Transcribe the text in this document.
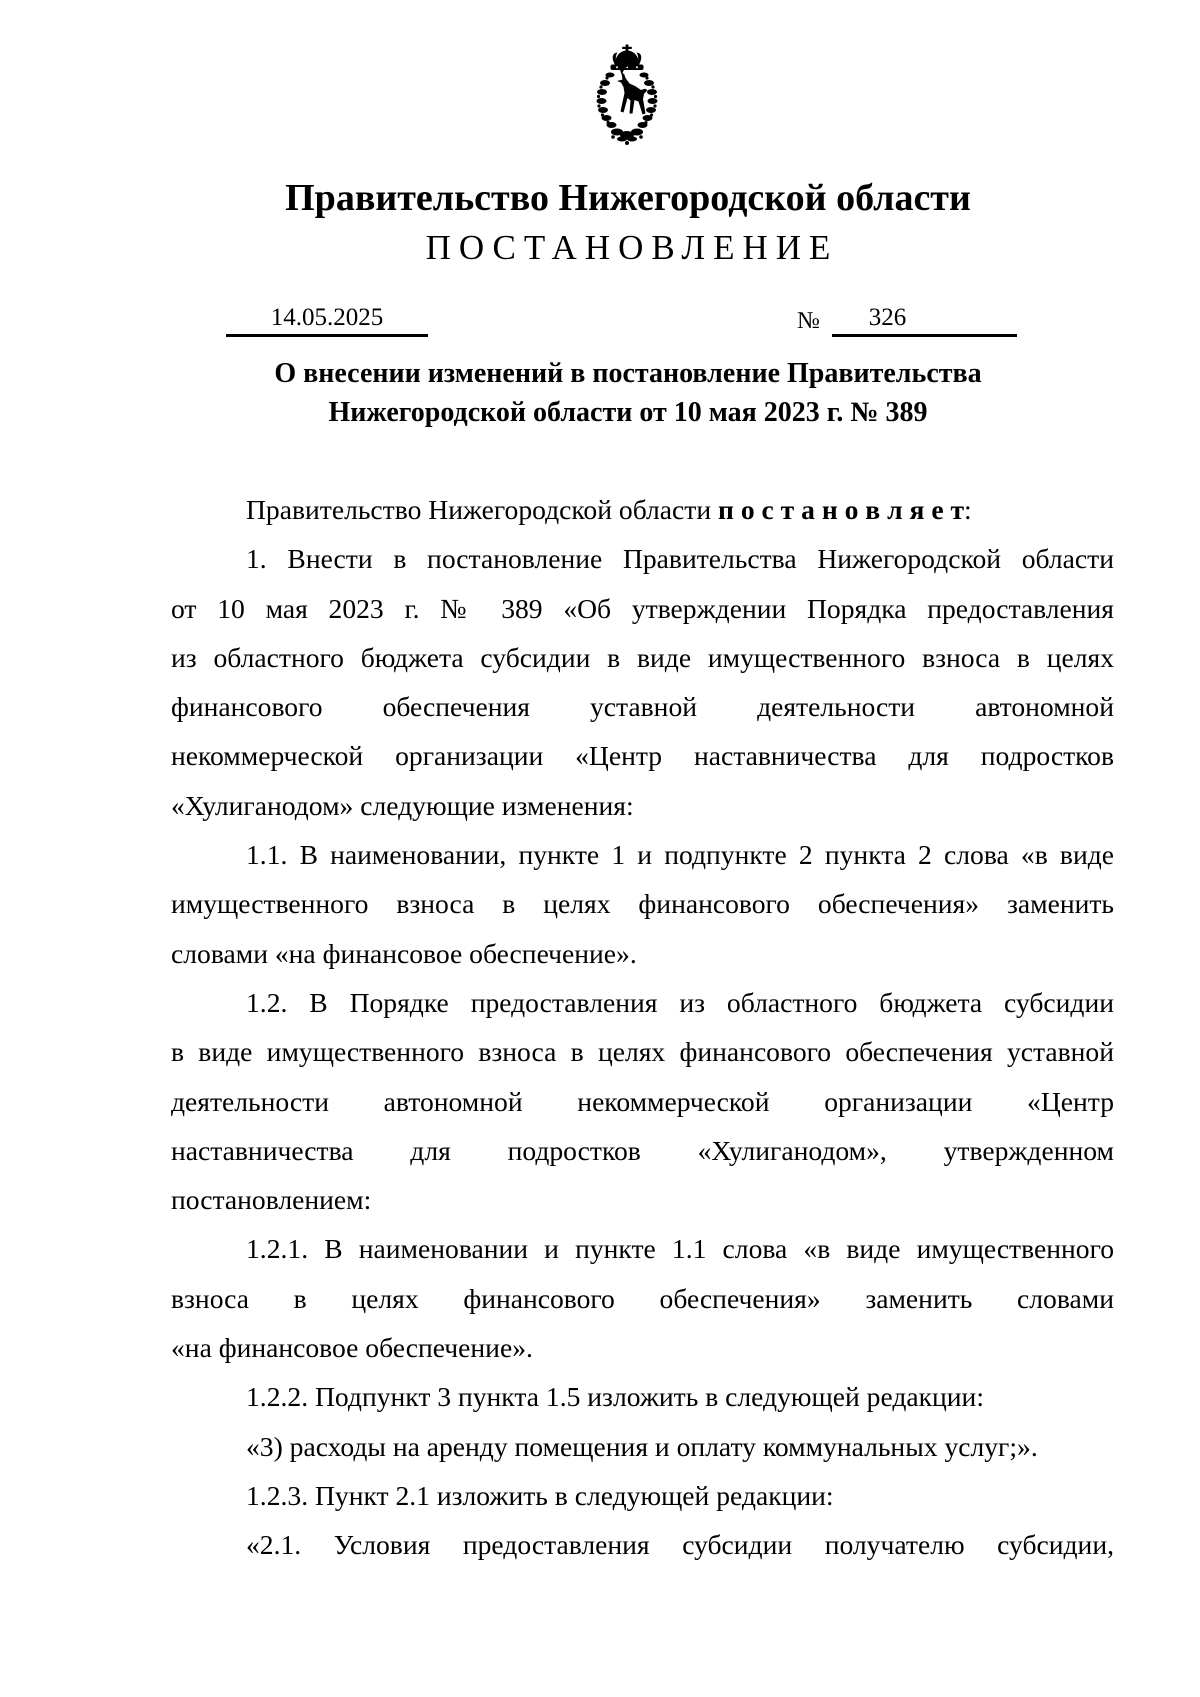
Правительство Нижегородской области
ПОСТАНОВЛЕНИЕ
14.05.2025	№	326
О внесении изменений в постановление Правительства
Нижегородской области от 10 мая 2023 г. № 389
Правительство Нижегородской области п о с т а н о в л я е т:
1. Внести в постановление Правительства Нижегородской области
от 10 мая 2023 г. № 389 «Об утверждении Порядка предоставления
из областного бюджета субсидии в виде имущественного взноса в целях
финансового обеспечения уставной деятельности автономной
некоммерческой организации «Центр наставничества для подростков
«Хулиганодом» следующие изменения:
1.1. В наименовании, пункте 1 и подпункте 2 пункта 2 слова «в виде
имущественного взноса в целях финансового обеспечения» заменить
словами «на финансовое обеспечение».
1.2. В Порядке предоставления из областного бюджета субсидии
в виде имущественного взноса в целях финансового обеспечения уставной
деятельности автономной некоммерческой организации «Центр
наставничества для подростков «Хулиганодом», утвержденном
постановлением:
1.2.1. В наименовании и пункте 1.1 слова «в виде имущественного
взноса в целях финансового обеспечения» заменить словами
«на финансовое обеспечение».
1.2.2. Подпункт 3 пункта 1.5 изложить в следующей редакции:
«3) расходы на аренду помещения и оплату коммунальных услуг;».
1.2.3. Пункт 2.1 изложить в следующей редакции:
«2.1. Условия предоставления субсидии получателю субсидии,
